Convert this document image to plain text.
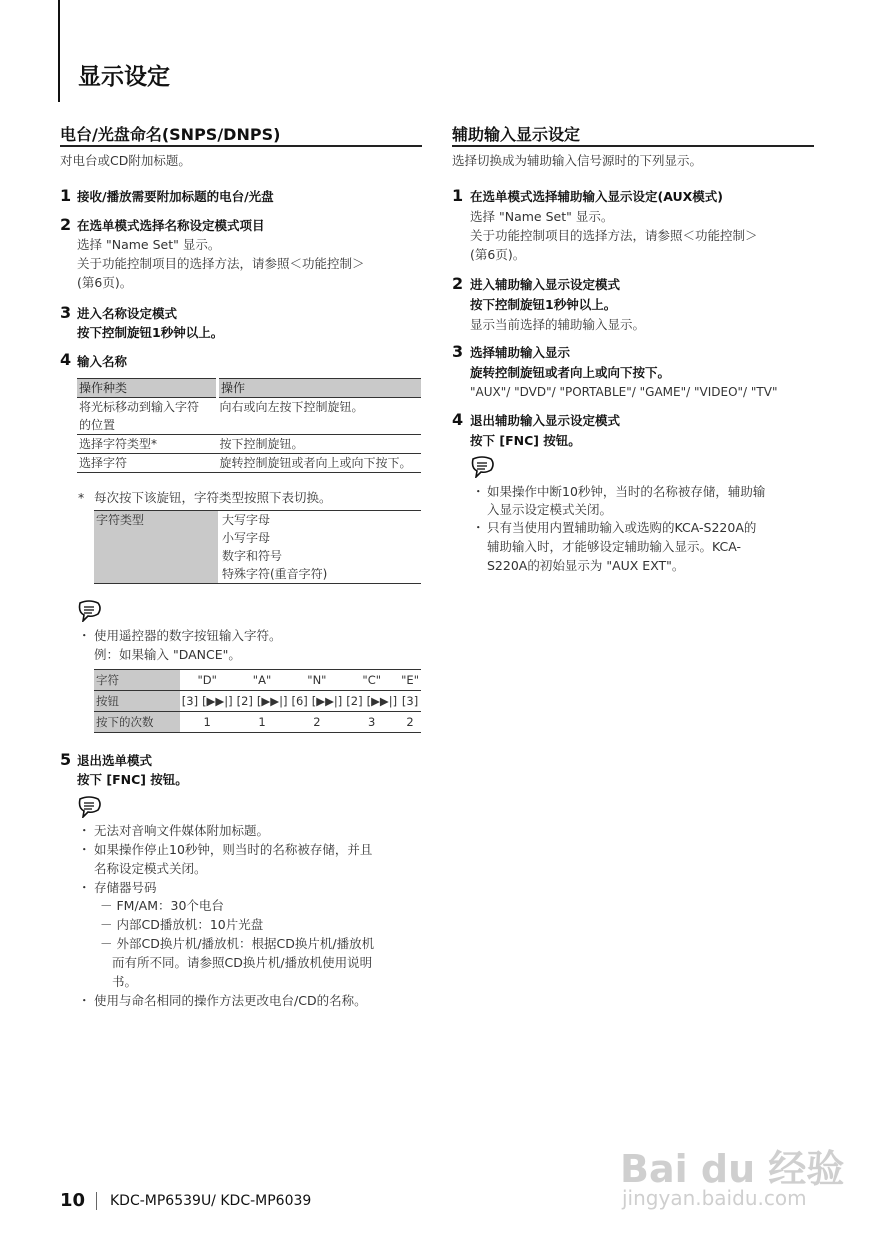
显示设定
电台/光盘命名(SNPS/DNPS)
对电台或CD附加标题。
1 接收/播放需要附加标题的电台/光盘
2 在选单模式选择名称设定模式项目
选择 "Name Set" 显示。
关于功能控制项目的选择方法，请参照＜功能控制＞
(第6页)。
3 进入名称设定模式
按下控制旋钮1秒钟以上。
4 输入名称
操作种类	操作

将光标移动到输入字符
的位置	向右或向左按下控制旋钮。
选择字符类型*	按下控制旋钮。
选择字符	旋转控制旋钮或者向上或向下按下。
* 每次按下该旋钮，字符类型按照下表切换。
字符类型	大写字母
小写字母
数字和符号
特殊字符(重音字符)
・ 使用遥控器的数字按钮输入字符。
例：如果输入 "DANCE"。
字符	"D"		"A"		"N"		"C"		"E"
按钮	[3]	[▶▶|]	[2]	[▶▶|]	[6]	[▶▶|]	[2]	[▶▶|]	[3]
按下的次数	1		1		2		3		2
5 退出选单模式
按下 [FNC] 按钮。
・ 无法对音响文件媒体附加标题。
・ 如果操作停止10秒钟，则当时的名称被存储，并且
名称设定模式关闭。
・ 存储器号码
－ FM/AM：30个电台
－ 内部CD播放机：10片光盘
－ 外部CD换片机/播放机：根据CD换片机/播放机
而有所不同。请参照CD换片机/播放机使用说明
书。
・ 使用与命名相同的操作方法更改电台/CD的名称。
辅助输入显示设定
选择切换成为辅助输入信号源时的下列显示。
1 在选单模式选择辅助输入显示设定(AUX模式)
选择 "Name Set" 显示。
关于功能控制项目的选择方法，请参照＜功能控制＞
(第6页)。
2 进入辅助输入显示设定模式
按下控制旋钮1秒钟以上。
显示当前选择的辅助输入显示。
3 选择辅助输入显示
旋转控制旋钮或者向上或向下按下。
"AUX"/ "DVD"/ "PORTABLE"/ "GAME"/ "VIDEO"/ "TV"
4 退出辅助输入显示设定模式
按下 [FNC] 按钮。
・ 如果操作中断10秒钟，当时的名称被存储，辅助输
入显示设定模式关闭。
・ 只有当使用内置辅助输入或选购的KCA-S220A的
辅助输入时，才能够设定辅助输入显示。KCA-
S220A的初始显示为 "AUX EXT"。
Bai du 经验
jingyan.baidu.com
10 KDC-MP6539U/ KDC-MP6039
